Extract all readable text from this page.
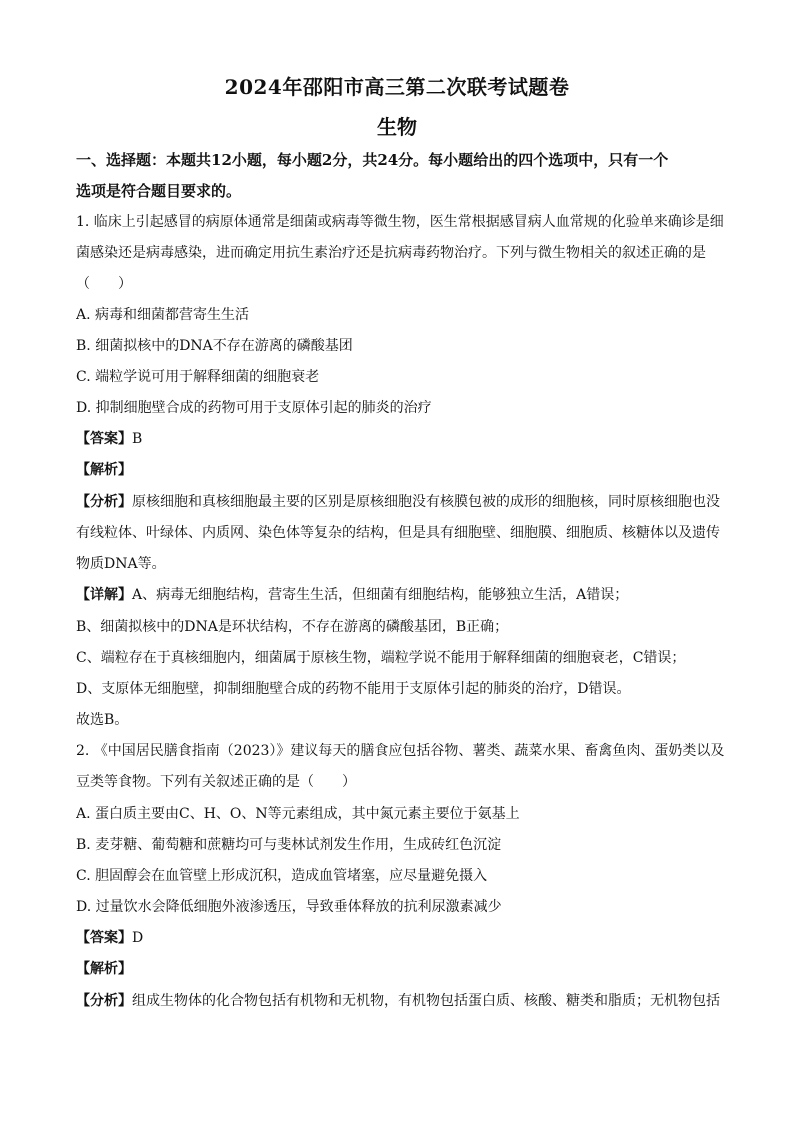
2024年邵阳市高三第二次联考试题卷
生物
一、选择题：本题共12小题，每小题2分，共24分。每小题给出的四个选项中，只有一个
选项是符合题目要求的。
1. 临床上引起感冒的病原体通常是细菌或病毒等微生物，医生常根据感冒病人血常规的化验单来确诊是细
菌感染还是病毒感染，进而确定用抗生素治疗还是抗病毒药物治疗。下列与微生物相关的叙述正确的是
（　　）
A. 病毒和细菌都营寄生生活
B. 细菌拟核中的DNA不存在游离的磷酸基团
C. 端粒学说可用于解释细菌的细胞衰老
D. 抑制细胞壁合成的药物可用于支原体引起的肺炎的治疗
【答案】B
【解析】
【分析】原核细胞和真核细胞最主要的区别是原核细胞没有核膜包被的成形的细胞核，同时原核细胞也没
有线粒体、叶绿体、内质网、染色体等复杂的结构，但是具有细胞壁、细胞膜、细胞质、核糖体以及遗传
物质DNA等。
【详解】A、病毒无细胞结构，营寄生生活，但细菌有细胞结构，能够独立生活，A错误；
B、细菌拟核中的DNA是环状结构，不存在游离的磷酸基团，B正确；
C、端粒存在于真核细胞内，细菌属于原核生物，端粒学说不能用于解释细菌的细胞衰老，C错误；
D、支原体无细胞壁，抑制细胞壁合成的药物不能用于支原体引起的肺炎的治疗，D错误。
故选B。
2. 《中国居民膳食指南（2023）》建议每天的膳食应包括谷物、薯类、蔬菜水果、畜禽鱼肉、蛋奶类以及
豆类等食物。下列有关叙述正确的是（　　）
A. 蛋白质主要由C、H、O、N等元素组成，其中氮元素主要位于氨基上
B. 麦芽糖、葡萄糖和蔗糖均可与斐林试剂发生作用，生成砖红色沉淀
C. 胆固醇会在血管壁上形成沉积，造成血管堵塞，应尽量避免摄入
D. 过量饮水会降低细胞外液渗透压，导致垂体释放的抗利尿激素减少
【答案】D
【解析】
【分析】组成生物体的化合物包括有机物和无机物，有机物包括蛋白质、核酸、糖类和脂质；无机物包括
